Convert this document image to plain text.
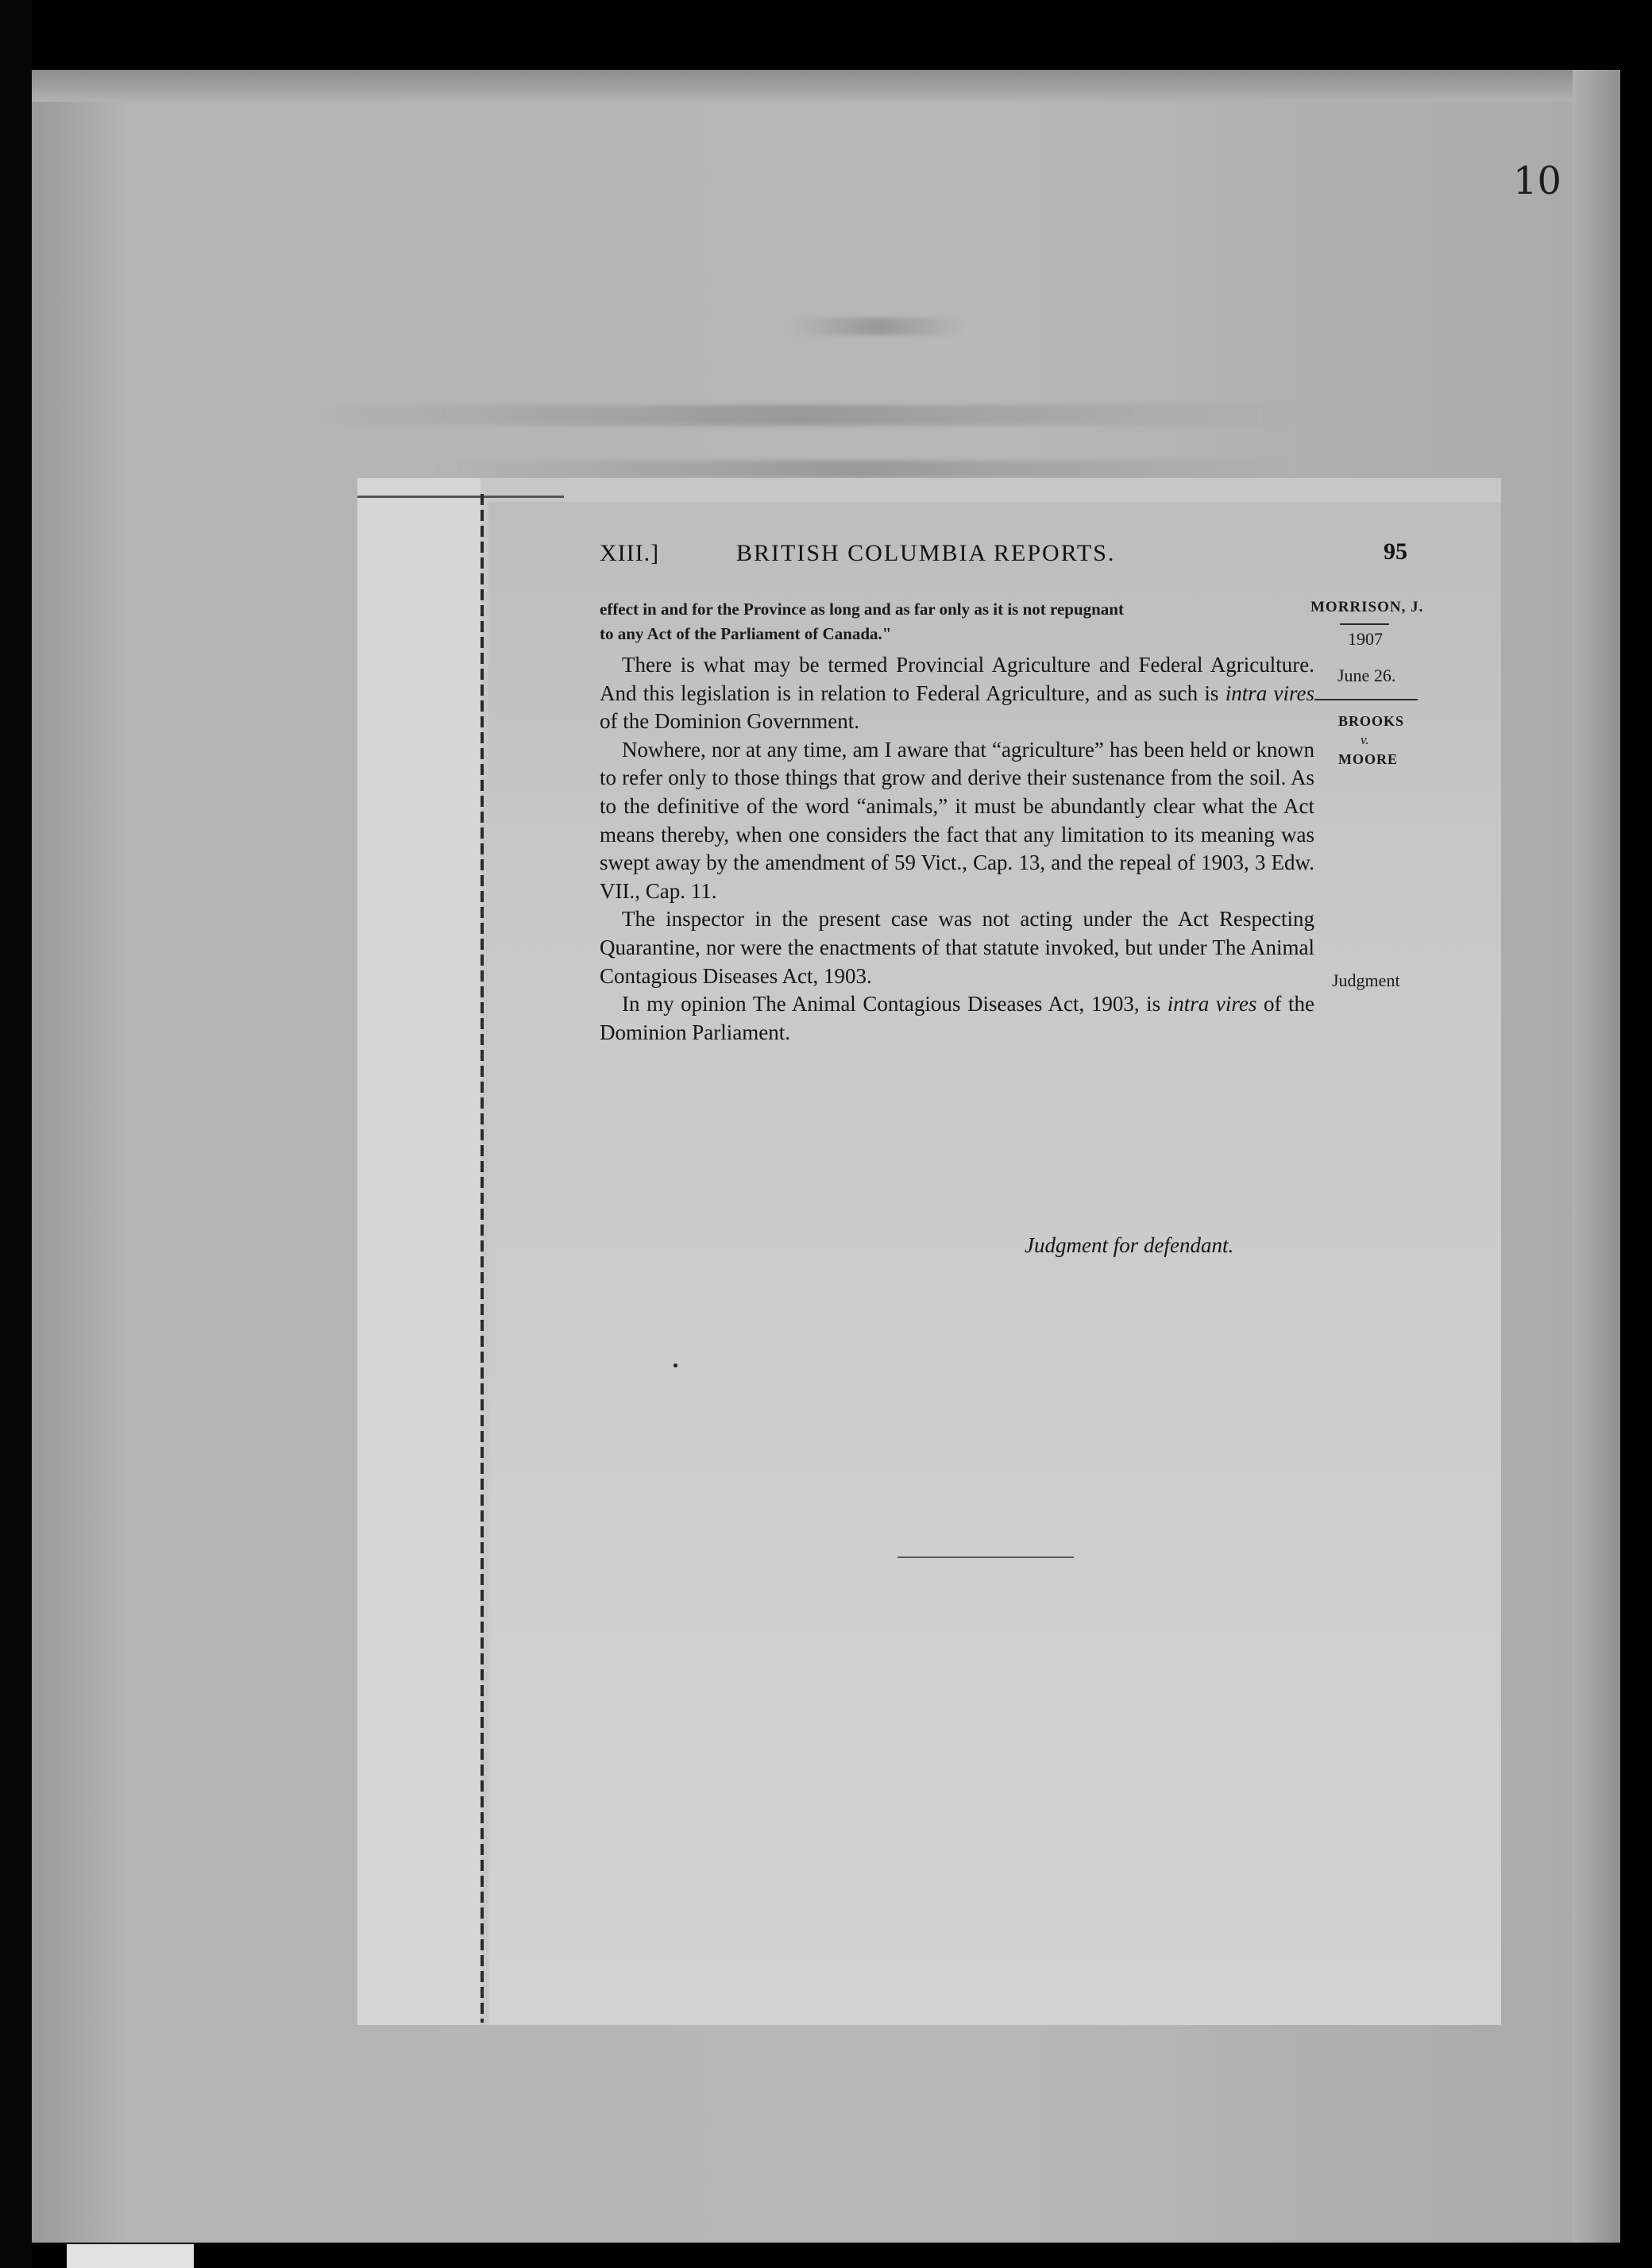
10
XIII.]	BRITISH COLUMBIA REPORTS.	95
effect in and for the Province as long and as far only as it is not repugnant
to any Act of the Parliament of Canada."
MORRISON, J.
1907
June 26.
BROOKS
v.
MOORE
Judgment

There is what may be termed Provincial Agriculture and Federal Agriculture. And this legislation is in relation to Federal Agriculture, and as such is intra vires of the Dominion Government.

Nowhere, nor at any time, am I aware that “agriculture” has been held or known to refer only to those things that grow and derive their sustenance from the soil. As to the definitive of the word “animals,” it must be abundantly clear what the Act means thereby, when one considers the fact that any limitation to its meaning was swept away by the amendment of 59 Vict., Cap. 13, and the repeal of 1903, 3 Edw. VII., Cap. 11.

The inspector in the present case was not acting under the Act Respecting Quarantine, nor were the enactments of that statute invoked, but under The Animal Contagious Diseases Act, 1903.

In my opinion The Animal Contagious Diseases Act, 1903, is intra vires of the Dominion Parliament.

Judgment for defendant.
